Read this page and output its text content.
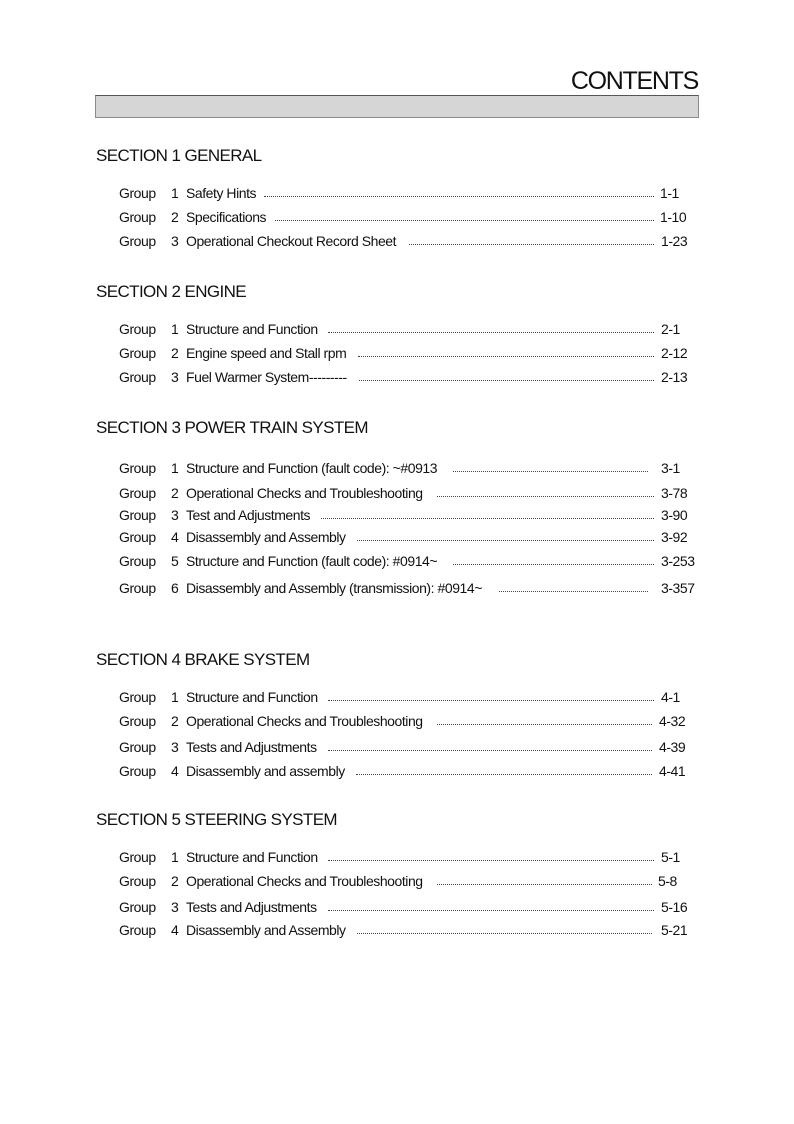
CONTENTS
SECTION 1 GENERAL
Group 1 Safety Hints	1-1
Group 2 Specifications	1-10
Group 3 Operational Checkout Record Sheet	1-23
SECTION 2 ENGINE
Group 1 Structure and Function	2-1
Group 2 Engine speed and Stall rpm	2-12
Group 3 Fuel Warmer System---------	2-13
SECTION 3 POWER TRAIN SYSTEM
Group 1 Structure and Function (fault code): ~#0913	3-1
Group 2 Operational Checks and Troubleshooting	3-78
Group 3 Test and Adjustments	3-90
Group 4 Disassembly and Assembly	3-92
Group 5 Structure and Function (fault code): #0914~	3-253
Group 6 Disassembly and Assembly (transmission): #0914~	3-357
SECTION 4 BRAKE SYSTEM
Group 1 Structure and Function	4-1
Group 2 Operational Checks and Troubleshooting	4-32
Group 3 Tests and Adjustments	4-39
Group 4 Disassembly and assembly	4-41
SECTION 5 STEERING SYSTEM
Group 1 Structure and Function	5-1
Group 2 Operational Checks and Troubleshooting	5-8
Group 3 Tests and Adjustments	5-16
Group 4 Disassembly and Assembly	5-21
